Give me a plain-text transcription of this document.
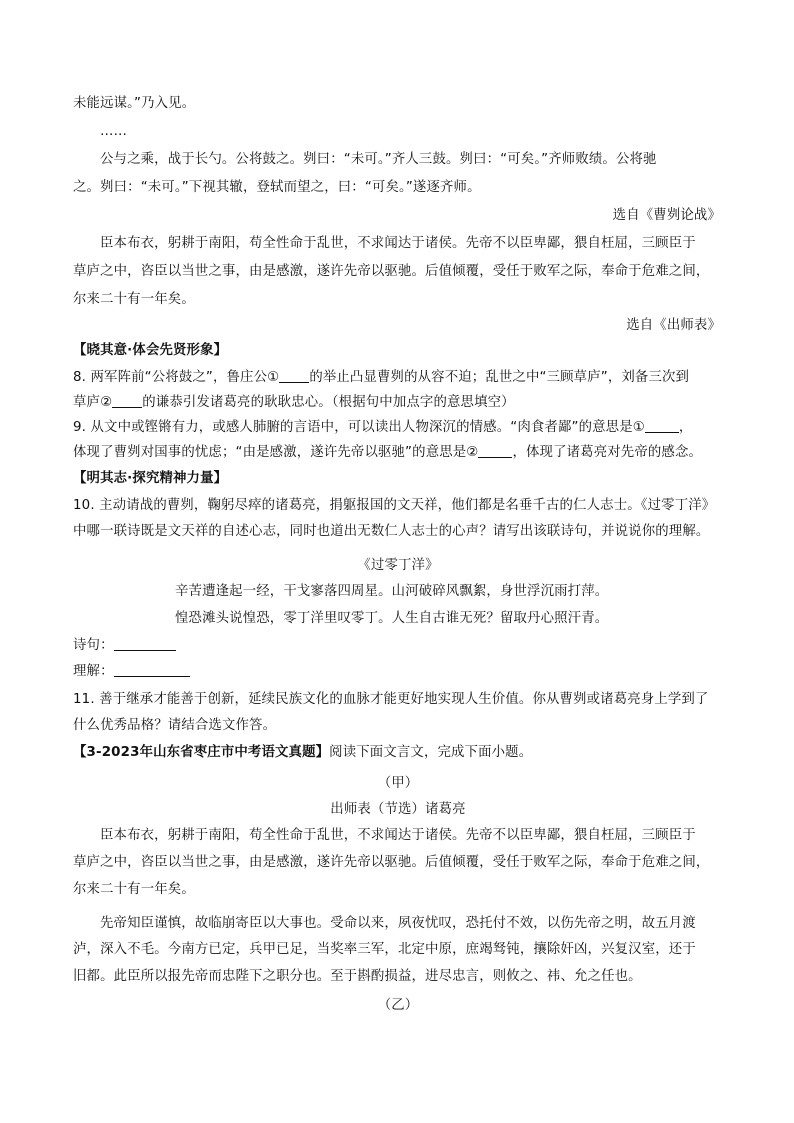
未能远谋。”乃入见。
……
公与之乘，战于长勺。公将鼓之。刿曰：“未可。”齐人三鼓。刿曰：“可矣。”齐师败绩。公将驰
之。刿曰：“未可。”下视其辙，登轼而望之，曰：“可矣。”遂逐齐师。
选自《曹刿论战》
臣本布衣，躬耕于南阳，苟全性命于乱世，不求闻达于诸侯。先帝不以臣卑鄙，猥自枉屈，三顾臣于
草庐之中，咨臣以当世之事，由是感激，遂许先帝以驱驰。后值倾覆，受任于败军之际，奉命于危难之间，
尔来二十有一年矣。
选自《出师表》
【晓其意·体会先贤形象】
8. 两军阵前“公将鼓之”，鲁庄公① 的举止凸显曹刿的从容不迫；乱世之中“三顾草庐”，刘备三次到
草庐② 的谦恭引发诸葛亮的耿耿忠心。（根据句中加点字的意思填空）
9. 从文中或铿锵有力，或感人肺腑的言语中，可以读出人物深沉的情感。“肉食者鄙”的意思是①	，
体现了曹刿对国事的忧虑；“由是感激，遂许先帝以驱驰”的意思是②	，体现了诸葛亮对先帝的感念。
【明其志·探究精神力量】
10. 主动请战的曹刿，鞠躬尽瘁的诸葛亮，捐躯报国的文天祥，他们都是名垂千古的仁人志士。《过零丁洋》
中哪一联诗既是文天祥的自述心志，同时也道出无数仁人志士的心声？请写出该联诗句，并说说你的理解。
《过零丁洋》
辛苦遭逢起一经，干戈寥落四周星。山河破碎风飘絮，身世浮沉雨打萍。
惶恐滩头说惶恐，零丁洋里叹零丁。人生自古谁无死？留取丹心照汗青。
诗句：
理解：
11. 善于继承才能善于创新，延续民族文化的血脉才能更好地实现人生价值。你从曹刿或诸葛亮身上学到了
什么优秀品格？请结合选文作答。
【3-2023年山东省枣庄市中考语文真题】阅读下面文言文，完成下面小题。
（甲）
出师表（节选）诸葛亮
臣本布衣，躬耕于南阳，苟全性命于乱世，不求闻达于诸侯。先帝不以臣卑鄙，猥自枉屈，三顾臣于
草庐之中，咨臣以当世之事，由是感激，遂许先帝以驱驰。后值倾覆，受任于败军之际，奉命于危难之间，
尔来二十有一年矣。
先帝知臣谨慎，故临崩寄臣以大事也。受命以来，夙夜忧叹，恐托付不效，以伤先帝之明，故五月渡
泸，深入不毛。今南方已定，兵甲已足，当奖率三军，北定中原，庶竭驽钝，攘除奸凶，兴复汉室，还于
旧都。此臣所以报先帝而忠陛下之职分也。至于斟酌损益，进尽忠言，则攸之、祎、允之任也。
（乙）
